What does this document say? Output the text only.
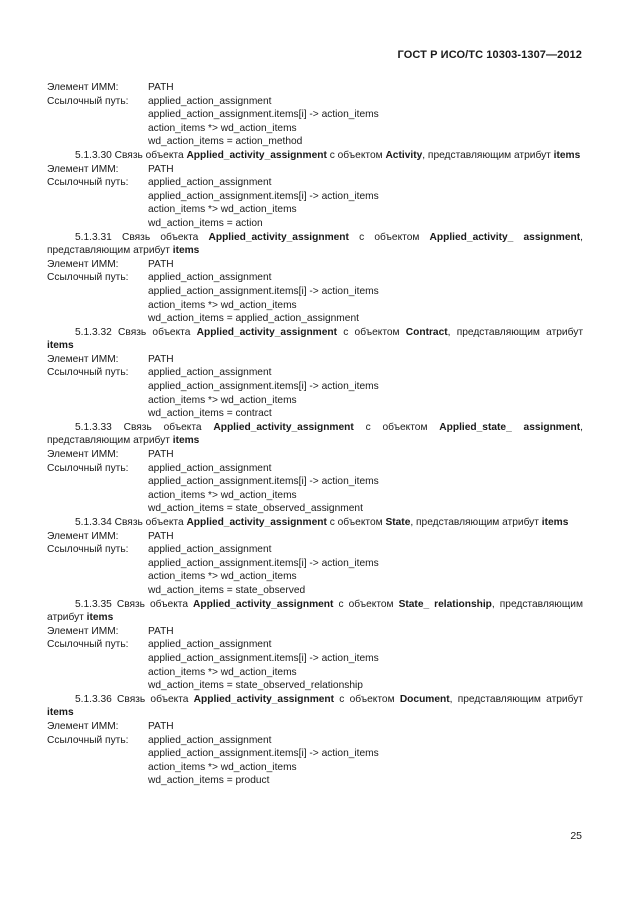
ГОСТ Р ИСО/ТС 10303-1307—2012
Элемент ИММ:	PATH
Ссылочный путь:	applied_action_assignment
applied_action_assignment.items[i] -> action_items
action_items *> wd_action_items
wd_action_items = action_method
5.1.3.30 Связь объекта Applied_activity_assignment с объектом Activity, представляющим атрибут items
Элемент ИММ:	PATH
Ссылочный путь:	applied_action_assignment
applied_action_assignment.items[i] -> action_items
action_items *> wd_action_items
wd_action_items = action
5.1.3.31 Связь объекта Applied_activity_assignment с объектом Applied_activity_ assignment, представляющим атрибут items
Элемент ИММ:	PATH
Ссылочный путь:	applied_action_assignment
applied_action_assignment.items[i] -> action_items
action_items *> wd_action_items
wd_action_items = applied_action_assignment
5.1.3.32 Связь объекта Applied_activity_assignment с объектом Contract, представляющим атрибут items
Элемент ИММ:	PATH
Ссылочный путь:	applied_action_assignment
applied_action_assignment.items[i] -> action_items
action_items *> wd_action_items
wd_action_items = contract
5.1.3.33 Связь объекта Applied_activity_assignment с объектом Applied_state_ assignment, представляющим атрибут items
Элемент ИММ:	PATH
Ссылочный путь:	applied_action_assignment
applied_action_assignment.items[i] -> action_items
action_items *> wd_action_items
wd_action_items = state_observed_assignment
5.1.3.34 Связь объекта Applied_activity_assignment с объектом State, представляющим атрибут items
Элемент ИММ:	PATH
Ссылочный путь:	applied_action_assignment
applied_action_assignment.items[i] -> action_items
action_items *> wd_action_items
wd_action_items = state_observed
5.1.3.35 Связь объекта Applied_activity_assignment с объектом State_ relationship, представляющим атрибут items
Элемент ИММ:	PATH
Ссылочный путь:	applied_action_assignment
applied_action_assignment.items[i] -> action_items
action_items *> wd_action_items
wd_action_items = state_observed_relationship
5.1.3.36 Связь объекта Applied_activity_assignment с объектом Document, представляющим атрибут items
Элемент ИММ:	PATH
Ссылочный путь:	applied_action_assignment
applied_action_assignment.items[i] -> action_items
action_items *> wd_action_items
wd_action_items = product
25
